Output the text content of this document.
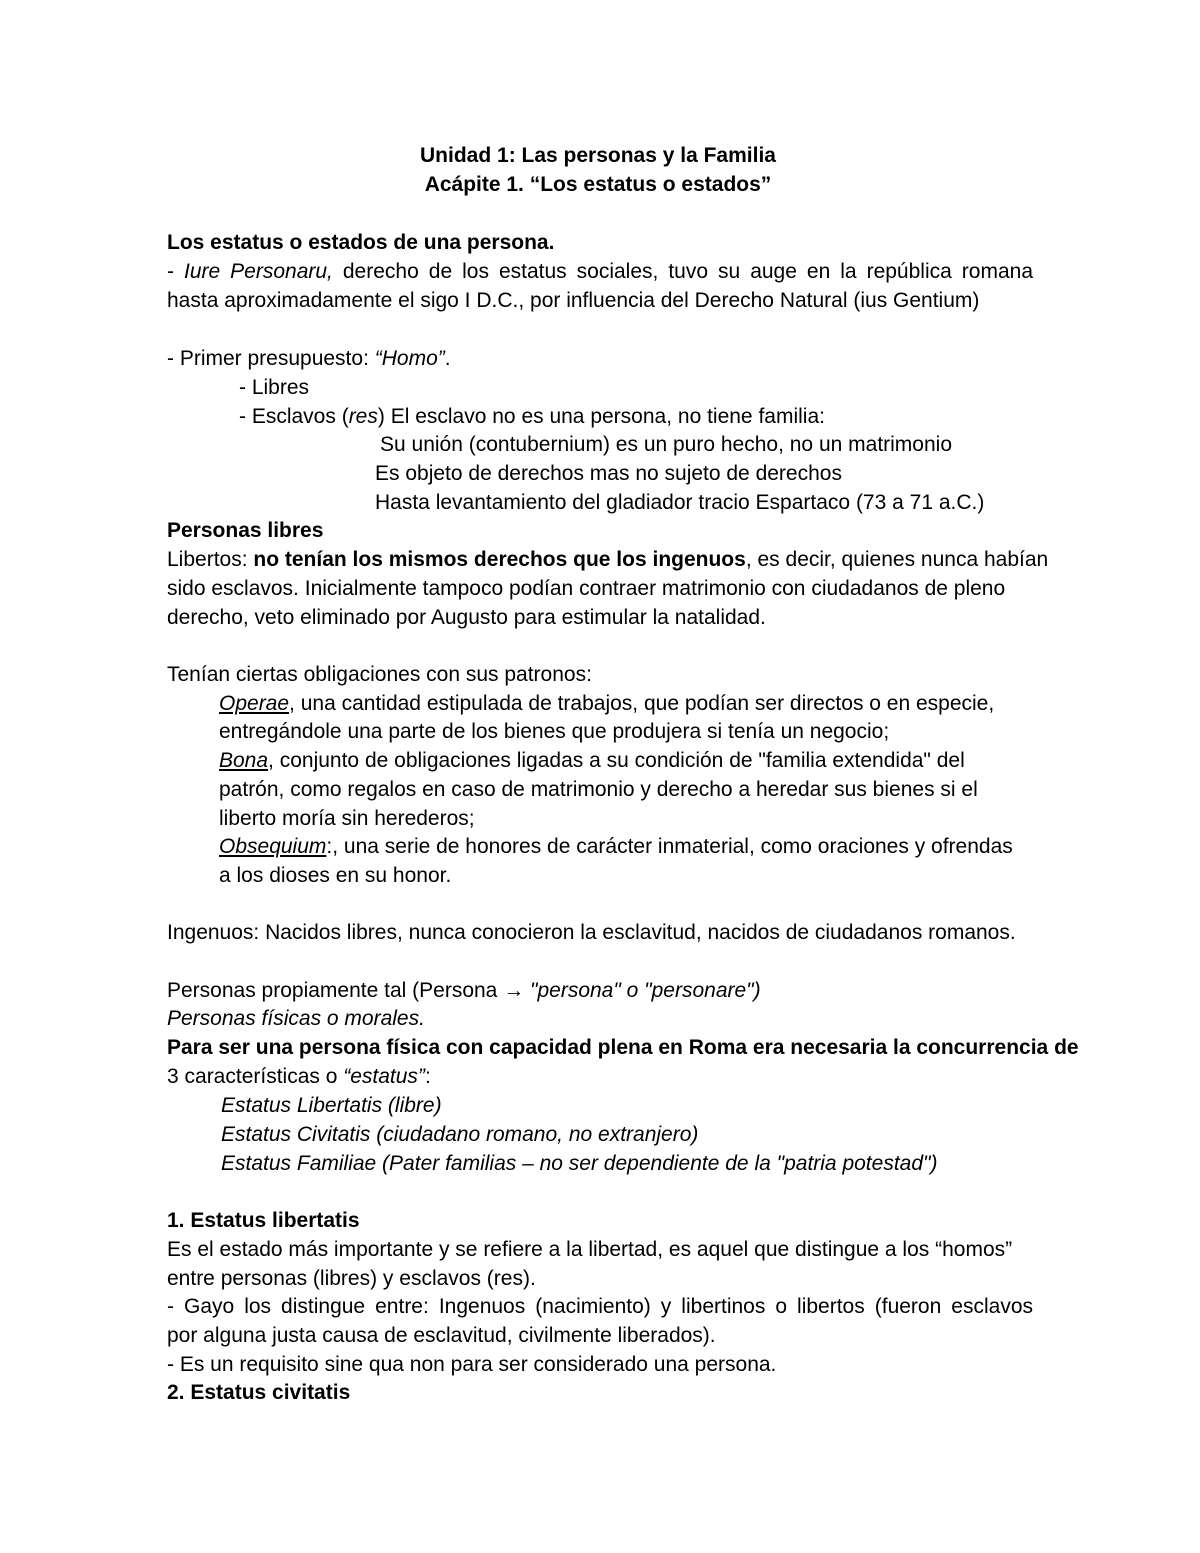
Unidad 1: Las personas y la Familia
Acápite 1. “Los estatus o estados”
Los estatus o estados de una persona.
- Iure Personaru, derecho de los estatus sociales, tuvo su auge en la república romana
hasta aproximadamente el sigo I D.C., por influencia del Derecho Natural (ius Gentium)
- Primer presupuesto: “Homo”.
- Libres
- Esclavos (res) El esclavo no es una persona, no tiene familia:
Su unión (contubernium) es un puro hecho, no un matrimonio
Es objeto de derechos mas no sujeto de derechos
Hasta levantamiento del gladiador tracio Espartaco (73 a 71 a.C.)
Personas libres
Libertos: no tenían los mismos derechos que los ingenuos, es decir, quienes nunca habían
sido esclavos. Inicialmente tampoco podían contraer matrimonio con ciudadanos de pleno
derecho, veto eliminado por Augusto para estimular la natalidad.
Tenían ciertas obligaciones con sus patronos:
Operae, una cantidad estipulada de trabajos, que podían ser directos o en especie,
entregándole una parte de los bienes que produjera si tenía un negocio;
Bona, conjunto de obligaciones ligadas a su condición de "familia extendida" del
patrón, como regalos en caso de matrimonio y derecho a heredar sus bienes si el
liberto moría sin herederos;
Obsequium:, una serie de honores de carácter inmaterial, como oraciones y ofrendas
a los dioses en su honor.
Ingenuos: Nacidos libres, nunca conocieron la esclavitud, nacidos de ciudadanos romanos.
Personas propiamente tal (Persona → "persona" o "personare")
Personas físicas o morales.
Para ser una persona física con capacidad plena en Roma era necesaria la concurrencia de
3 características o “estatus”:
Estatus Libertatis (libre)
Estatus Civitatis (ciudadano romano, no extranjero)
Estatus Familiae (Pater familias – no ser dependiente de la "patria potestad")
1. Estatus libertatis
Es el estado más importante y se refiere a la libertad, es aquel que distingue a los “homos”
entre personas (libres) y esclavos (res).
- Gayo los distingue entre: Ingenuos (nacimiento) y libertinos o libertos (fueron esclavos
por alguna justa causa de esclavitud, civilmente liberados).
- Es un requisito sine qua non para ser considerado una persona.
2. Estatus civitatis
